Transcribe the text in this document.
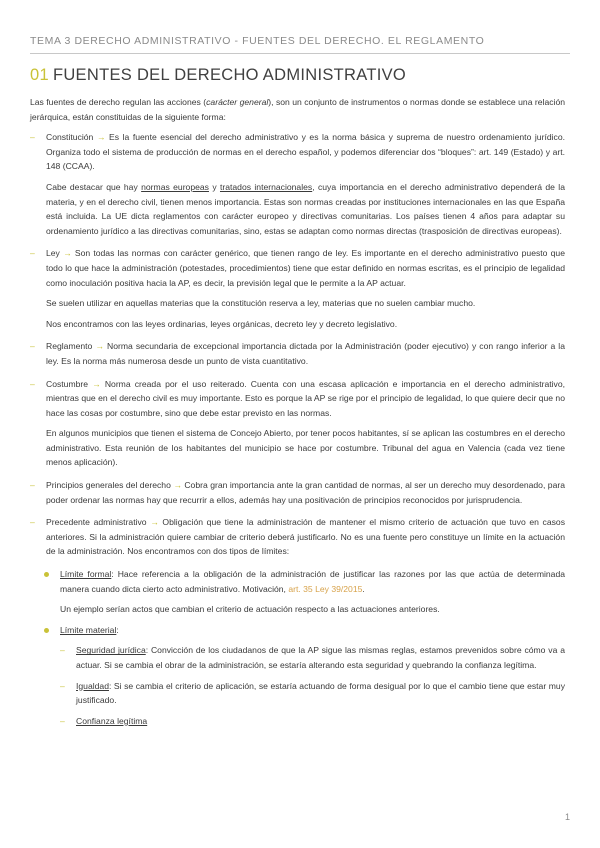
TEMA 3 DERECHO ADMINISTRATIVO - FUENTES DEL DERECHO. EL REGLAMENTO
01 FUENTES DEL DERECHO ADMINISTRATIVO

Las fuentes de derecho regulan las acciones (carácter general), son un conjunto de instrumentos o normas donde se establece una relación jerárquica, están constituidas de la siguiente forma:

– Constitución → Es la fuente esencial del derecho administrativo y es la norma básica y suprema de nuestro ordenamiento jurídico. Organiza todo el sistema de producción de normas en el derecho español, y podemos diferenciar dos “bloques”: art. 149 (Estado) y art. 148 (CCAA).

Cabe destacar que hay normas europeas y tratados internacionales, cuya importancia en el derecho administrativo dependerá de la materia, y en el derecho civil, tienen menos importancia. Estas son normas creadas por instituciones internacionales en las que España está incluida. La UE dicta reglamentos con carácter europeo y directivas comunitarias. Los países tienen 4 años para adaptar su ordenamiento jurídico a las directivas comunitarias, sino, estas se adaptan como normas directas (trasposición de directivas europeas).

– Ley → Son todas las normas con carácter genérico, que tienen rango de ley. Es importante en el derecho administrativo puesto que todo lo que hace la administración (potestades, procedimientos) tiene que estar definido en normas escritas, es el principio de legalidad como inoculación positiva hacia la AP, es decir, la previsión legal que le permite a la AP actuar.

Se suelen utilizar en aquellas materias que la constitución reserva a ley, materias que no suelen cambiar mucho.

Nos encontramos con las leyes ordinarias, leyes orgánicas, decreto ley y decreto legislativo.

– Reglamento → Norma secundaria de excepcional importancia dictada por la Administración (poder ejecutivo) y con rango inferior a la ley. Es la norma más numerosa desde un punto de vista cuantitativo.

– Costumbre → Norma creada por el uso reiterado. Cuenta con una escasa aplicación e importancia en el derecho administrativo, mientras que en el derecho civil es muy importante. Esto es porque la AP se rige por el principio de legalidad, lo que quiere decir que no hace las cosas por costumbre, sino que debe estar previsto en las normas.

En algunos municipios que tienen el sistema de Concejo Abierto, por tener pocos habitantes, sí se aplican las costumbres en el derecho administrativo. Esta reunión de los habitantes del municipio se hace por costumbre. Tribunal del agua en Valencia (cada vez tiene menos aplicación).

– Principios generales del derecho → Cobra gran importancia ante la gran cantidad de normas, al ser un derecho muy desordenado, para poder ordenar las normas hay que recurrir a ellos, además hay una positivación de principios reconocidos por jurisprudencia.

– Precedente administrativo → Obligación que tiene la administración de mantener el mismo criterio de actuación que tuvo en casos anteriores. Si la administración quiere cambiar de criterio deberá justificarlo. No es una fuente pero constituye un límite en la actuación de la administración. Nos encontramos con dos tipos de límites:

Límite formal: Hace referencia a la obligación de la administración de justificar las razones por las que actúa de determinada manera cuando dicta cierto acto administrativo. Motivación, art. 35 Ley 39/2015.

Un ejemplo serían actos que cambian el criterio de actuación respecto a las actuaciones anteriores.

Límite material:

– Seguridad jurídica: Convicción de los ciudadanos de que la AP sigue las mismas reglas, estamos prevenidos sobre cómo va a actuar. Si se cambia el obrar de la administración, se estaría alterando esta seguridad y quebrando la confianza legítima.

– Igualdad: Si se cambia el criterio de aplicación, se estaría actuando de forma desigual por lo que el cambio tiene que estar muy justificado.

– Confianza legítima

1
